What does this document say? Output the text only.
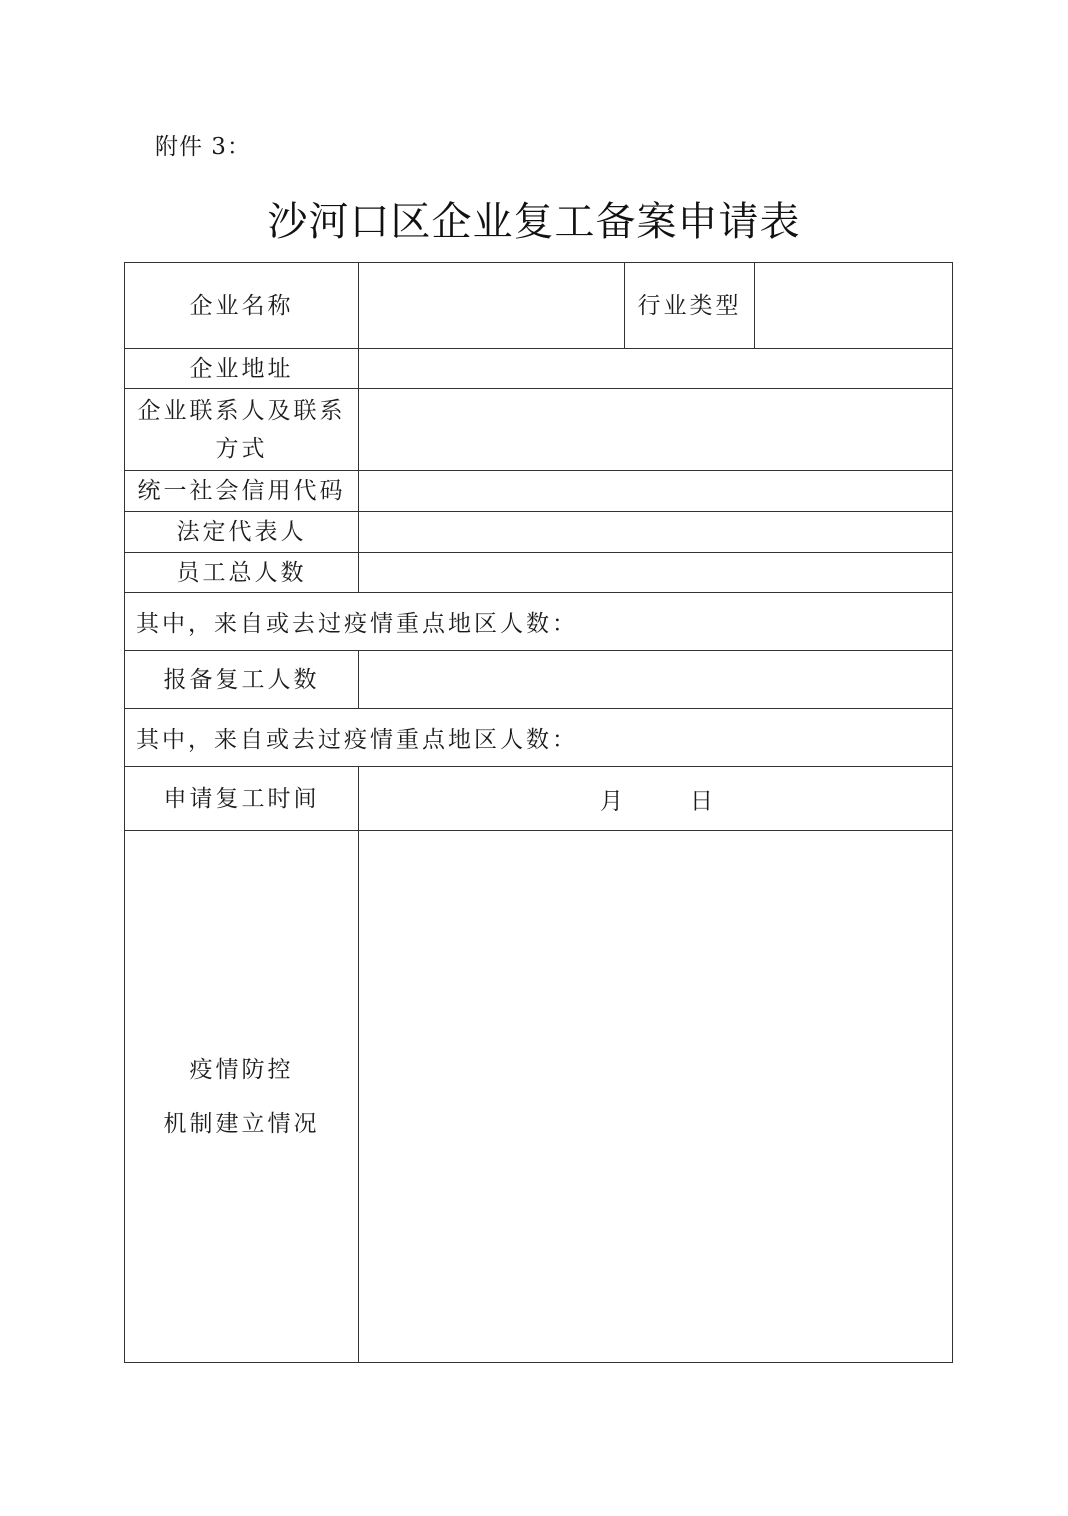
附件 3：
沙河口区企业复工备案申请表
企业名称		行业类型	
企业地址			
企业联系人及联系
方式			
统一社会信用代码			
法定代表人			
员工总人数			
其中，来自或去过疫情重点地区人数：			
报备复工人数			
其中，来自或去过疫情重点地区人数：			
申请复工时间	月 日		

疫情防控
机制建立情况			
